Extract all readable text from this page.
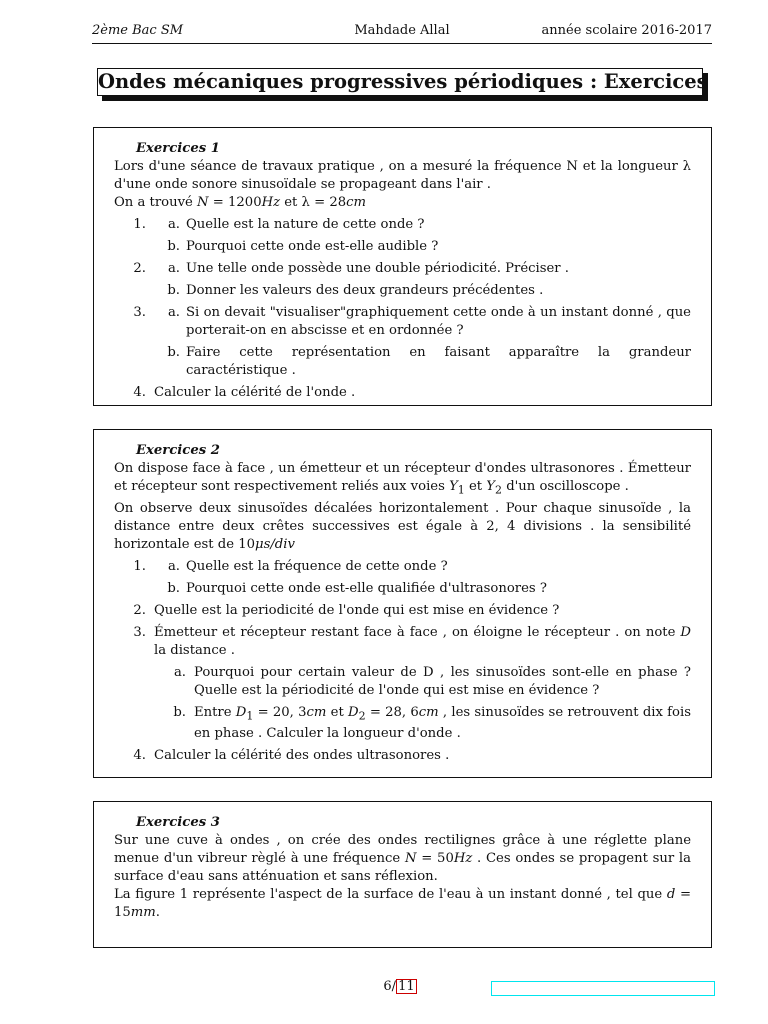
2ème Bac SM	Mahdade Allal	année scolaire 2016-2017
Ondes mécaniques progressives périodiques : Exercices
Exercices 1
Lors d'une séance de travaux pratique , on a mesuré la fréquence N et la longueur λ d'une onde sonore sinusoïdale se propageant dans l'air .
On a trouvé N = 1200Hz et λ = 28cm
1.	a. Quelle est la nature de cette onde ?
b. Pourquoi cette onde est-elle audible ?
2.	a. Une telle onde possède une double périodicité. Préciser .
b. Donner les valeurs des deux grandeurs précédentes .
3.	a. Si on devait "visualiser"graphiquement cette onde à un instant donné , que porterait-on en abscisse et en ordonnée ?
b. Faire cette représentation en faisant apparaître la grandeur caractéristique .
4. Calculer la célérité de l'onde .
Exercices 2
On dispose face à face , un émetteur et un récepteur d'ondes ultrasonores . Émetteur et récepteur sont respectivement reliés aux voies $Y_1$ et $Y_2$ d'un oscilloscope .
On observe deux sinusoïdes décalées horizontalement . Pour chaque sinusoïde , la distance entre deux crêtes successives est égale à 2, 4 divisions . la sensibilité horizontale est de 10μs/div
1.	a. Quelle est la fréquence de cette onde ?
b. Pourquoi cette onde est-elle qualifiée d'ultrasonores ?
2. Quelle est la periodicité de l'onde qui est mise en évidence ?
3. Émetteur et récepteur restant face à face , on éloigne le récepteur . on note D la distance .
a. Pourquoi pour certain valeur de D , les sinusoïdes sont-elle en phase ? Quelle est la périodicité de l'onde qui est mise en évidence ?
b. Entre $D_1 = 20$, 3cm et $D_2 = 28$, 6cm , les sinusoïdes se retrouvent dix fois en phase . Calculer la longueur d'onde .
4. Calculer la célérité des ondes ultrasonores .
Exercices 3
Sur une cuve à ondes , on crée des ondes rectilignes grâce à une réglette plane menue d'un vibreur règlé à une fréquence N = 50Hz . Ces ondes se propagent sur la surface d'eau sans atténuation et sans réflexion.
La figure 1 représente l'aspect de la surface de l'eau à un instant donné , tel que d = 15mm.
6/ 11
